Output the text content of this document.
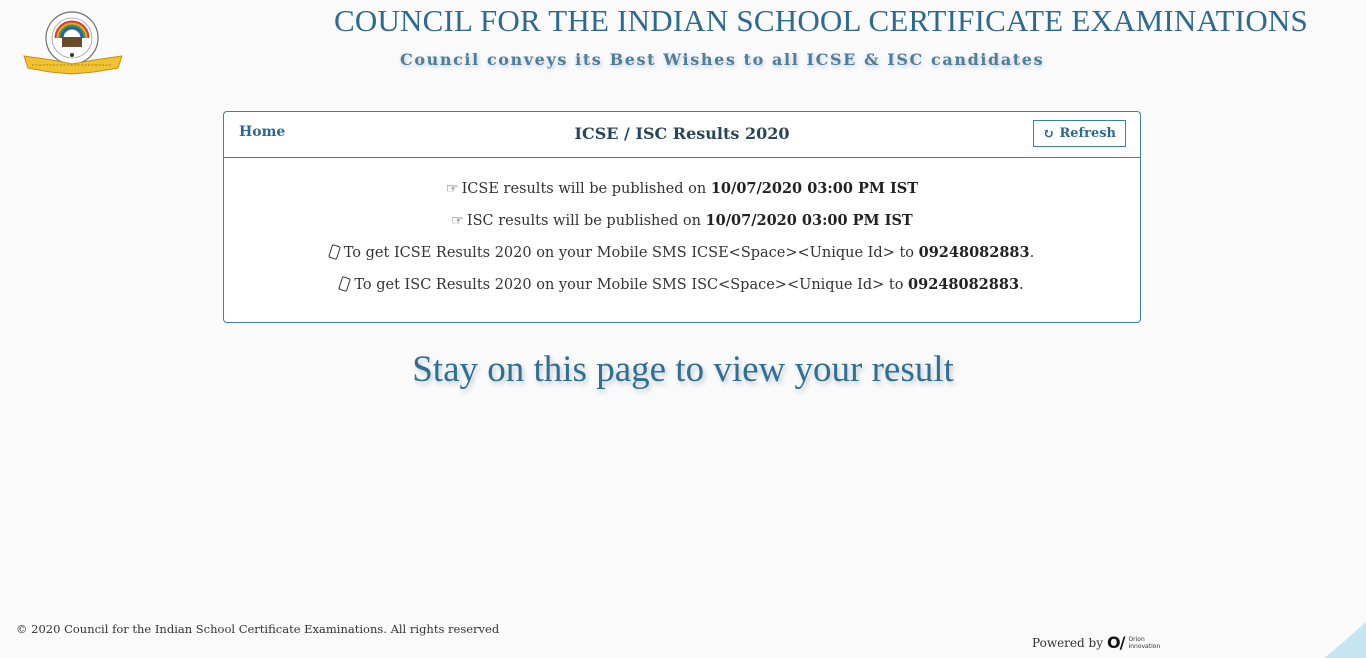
COUNCIL FOR THE INDIAN SCHOOL CERTIFICATE EXAMINATIONS
Council conveys its Best Wishes to all ICSE & ISC candidates
Home	ICSE / ISC Results 2020	↻ Refresh
☞ ICSE results will be published on 10/07/2020 03:00 PM IST
☞ ISC results will be published on 10/07/2020 03:00 PM IST
To get ICSE Results 2020 on your Mobile SMS ICSE<Space><Unique Id> to 09248082883.
To get ISC Results 2020 on your Mobile SMS ISC<Space><Unique Id> to 09248082883.
Stay on this page to view your result
© 2020 Council for the Indian School Certificate Examinations. All rights reserved
Powered by O/ Orion Innovation
